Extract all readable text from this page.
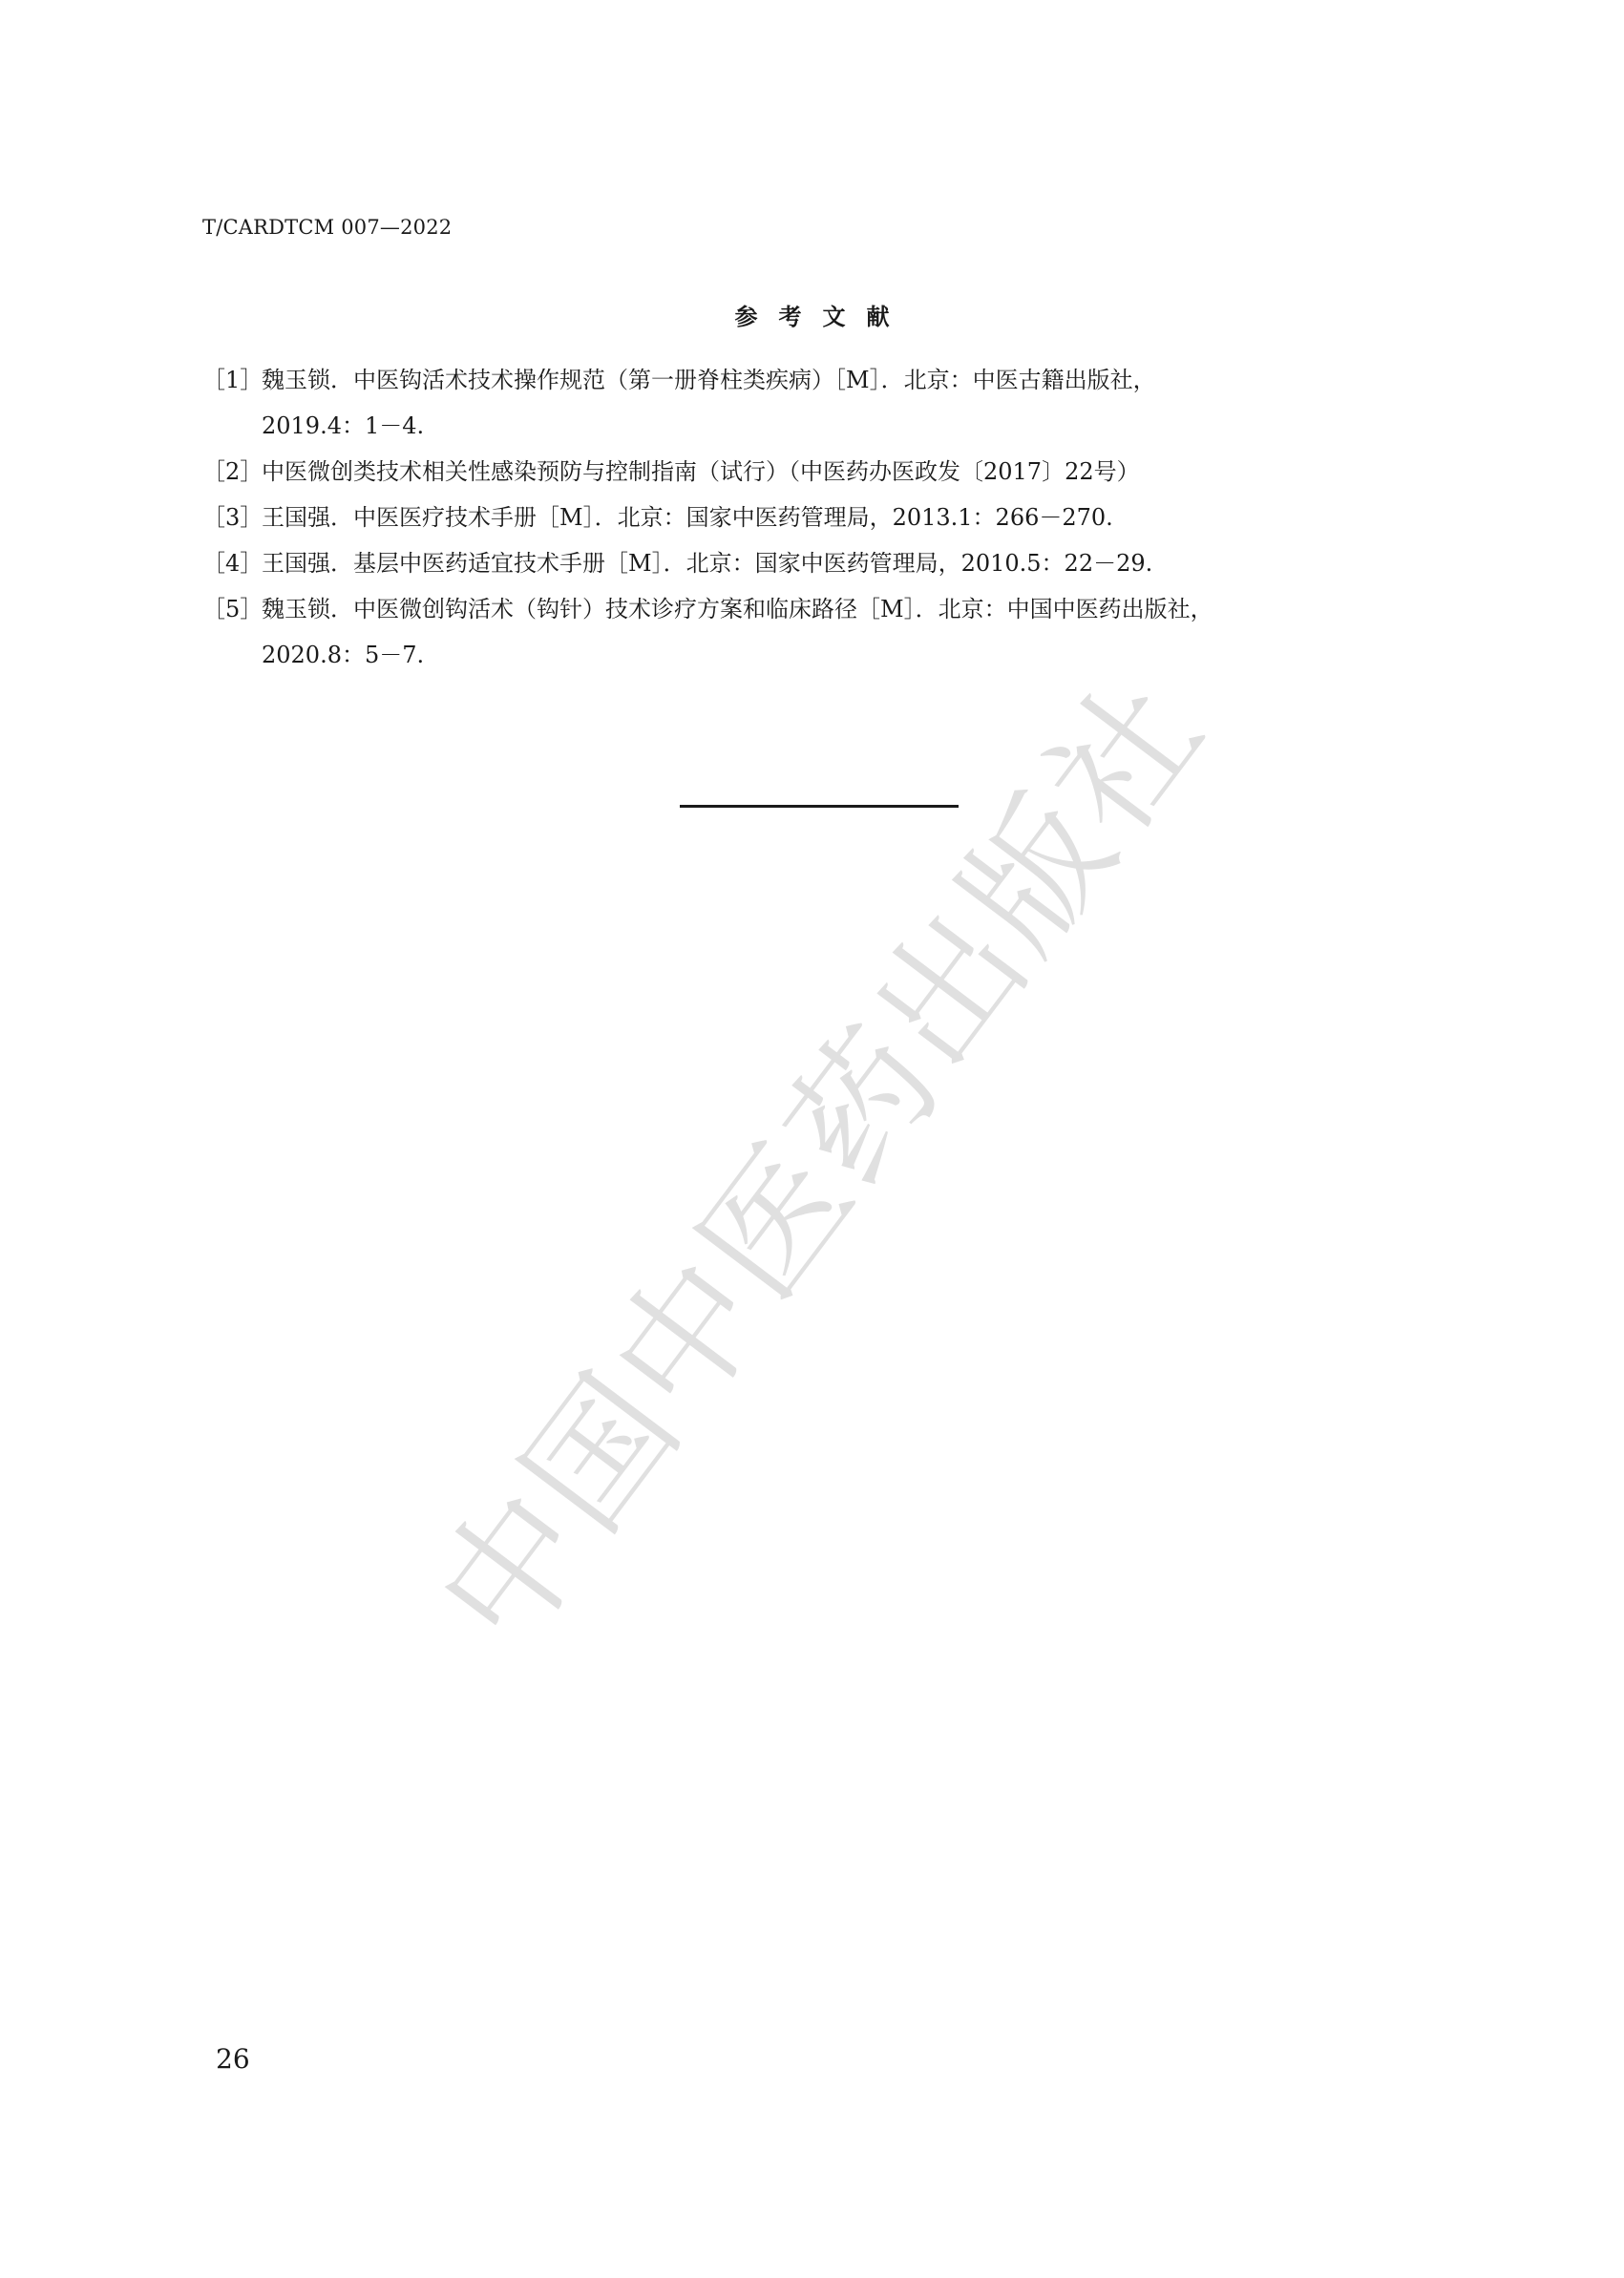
T/CARDTCM 007—2022
参考文献
［1］
魏玉锁．中医钩活术技术操作规范（第一册脊柱类疾病）［M］．北京：中医古籍出版社，
2019.4：1－4.
［2］
中医微创类技术相关性感染预防与控制指南（试行）（中医药办医政发〔2017〕22号）
［3］
王国强．中医医疗技术手册［M］．北京：国家中医药管理局，2013.1：266－270.
［4］
王国强．基层中医药适宜技术手册［M］．北京：国家中医药管理局，2010.5：22－29.
［5］
魏玉锁．中医微创钩活术（钩针）技术诊疗方案和临床路径［M］．北京：中国中医药出版社，
2020.8：5－7.
中国中医药出版社
26
